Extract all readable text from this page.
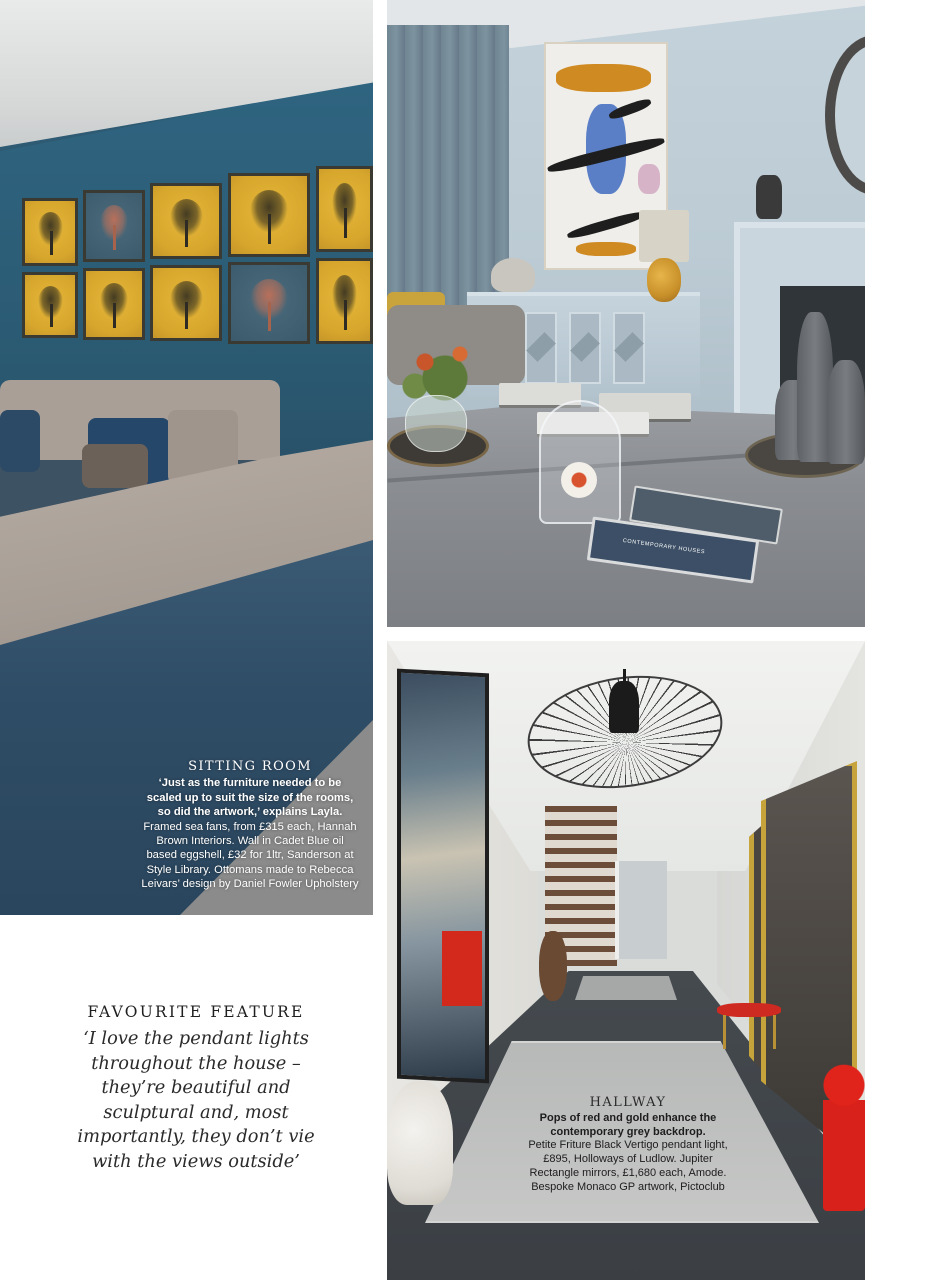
SITTING ROOM
‘Just as the furniture needed to be scaled up to suit the size of the rooms, so did the artwork,’ explains Layla.
Framed sea fans, from £315 each, Hannah Brown Interiors. Wall in Cadet Blue oil based eggshell, £32 for 1ltr, Sanderson at Style Library. Ottomans made to Rebecca Leivars’ design by Daniel Fowler Upholstery
CONTEMPORARY HOUSES
HALLWAY
Pops of red and gold enhance the contemporary grey backdrop.
Petite Friture Black Vertigo pendant light, £895, Holloways of Ludlow. Jupiter Rectangle mirrors, £1,680 each, Amode. Bespoke Monaco GP artwork, Pictoclub
FAVOURITE FEATURE
‘I love the pendant lights throughout the house – they’re beautiful and sculptural and, most importantly, they don’t vie with the views outside’
